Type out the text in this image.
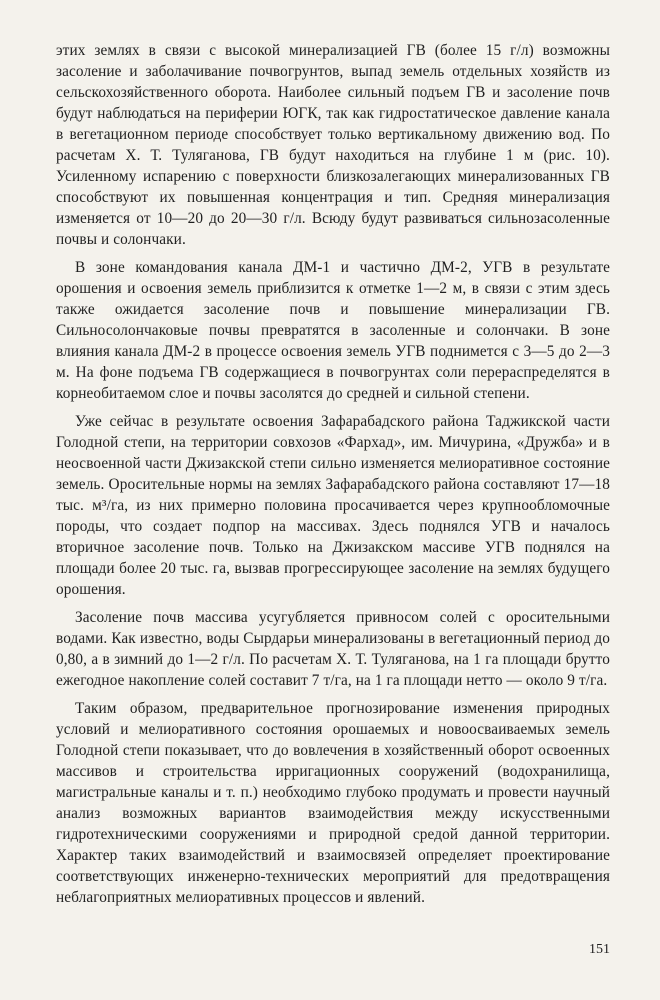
этих землях в связи с высокой минерализацией ГВ (более 15 г/л) возможны засоление и заболачивание почвогрунтов, выпад земель отдельных хозяйств из сельскохозяйственного оборота. Наиболее сильный подъем ГВ и засоление почв будут наблюдаться на периферии ЮГК, так как гидростатическое давление канала в вегетационном периоде способствует только вертикальному движению вод. По расчетам Х. Т. Туляганова, ГВ будут находиться на глубине 1 м (рис. 10). Усиленному испарению с поверхности близкозалегающих минерализованных ГВ способствуют их повышенная концентрация и тип. Средняя минерализация изменяется от 10—20 до 20—30 г/л. Всюду будут развиваться сильнозасоленные почвы и солончаки.

В зоне командования канала ДМ-1 и частично ДМ-2, УГВ в результате орошения и освоения земель приблизится к отметке 1—2 м, в связи с этим здесь также ожидается засоление почв и повышение минерализации ГВ. Сильносолончаковые почвы превратятся в засоленные и солончаки. В зоне влияния канала ДМ-2 в процессе освоения земель УГВ поднимется с 3—5 до 2—3 м. На фоне подъема ГВ содержащиеся в почвогрунтах соли перераспределятся в корнеобитаемом слое и почвы засолятся до средней и сильной степени.

Уже сейчас в результате освоения Зафарабадского района Таджикской части Голодной степи, на территории совхозов «Фархад», им. Мичурина, «Дружба» и в неосвоенной части Джизакской степи сильно изменяется мелиоративное состояние земель. Оросительные нормы на землях Зафарабадского района составляют 17—18 тыс. м³/га, из них примерно половина просачивается через крупнообломочные породы, что создает подпор на массивах. Здесь поднялся УГВ и началось вторичное засоление почв. Только на Джизакском массиве УГВ поднялся на площади более 20 тыс. га, вызвав прогрессирующее засоление на землях будущего орошения.

Засоление почв массива усугубляется привносом солей с оросительными водами. Как известно, воды Сырдарьи минерализованы в вегетационный период до 0,80, а в зимний до 1—2 г/л. По расчетам Х. Т. Туляганова, на 1 га площади брутто ежегодное накопление солей составит 7 т/га, на 1 га площади нетто — около 9 т/га.

Таким образом, предварительное прогнозирование изменения природных условий и мелиоративного состояния орошаемых и новоосваиваемых земель Голодной степи показывает, что до вовлечения в хозяйственный оборот освоенных массивов и строительства ирригационных сооружений (водохранилища, магистральные каналы и т. п.) необходимо глубоко продумать и провести научный анализ возможных вариантов взаимодействия между искусственными гидротехническими сооружениями и природной средой данной территории. Характер таких взаимодействий и взаимосвязей определяет проектирование соответствующих инженерно-технических мероприятий для предотвращения неблагоприятных мелиоративных процессов и явлений.

151
